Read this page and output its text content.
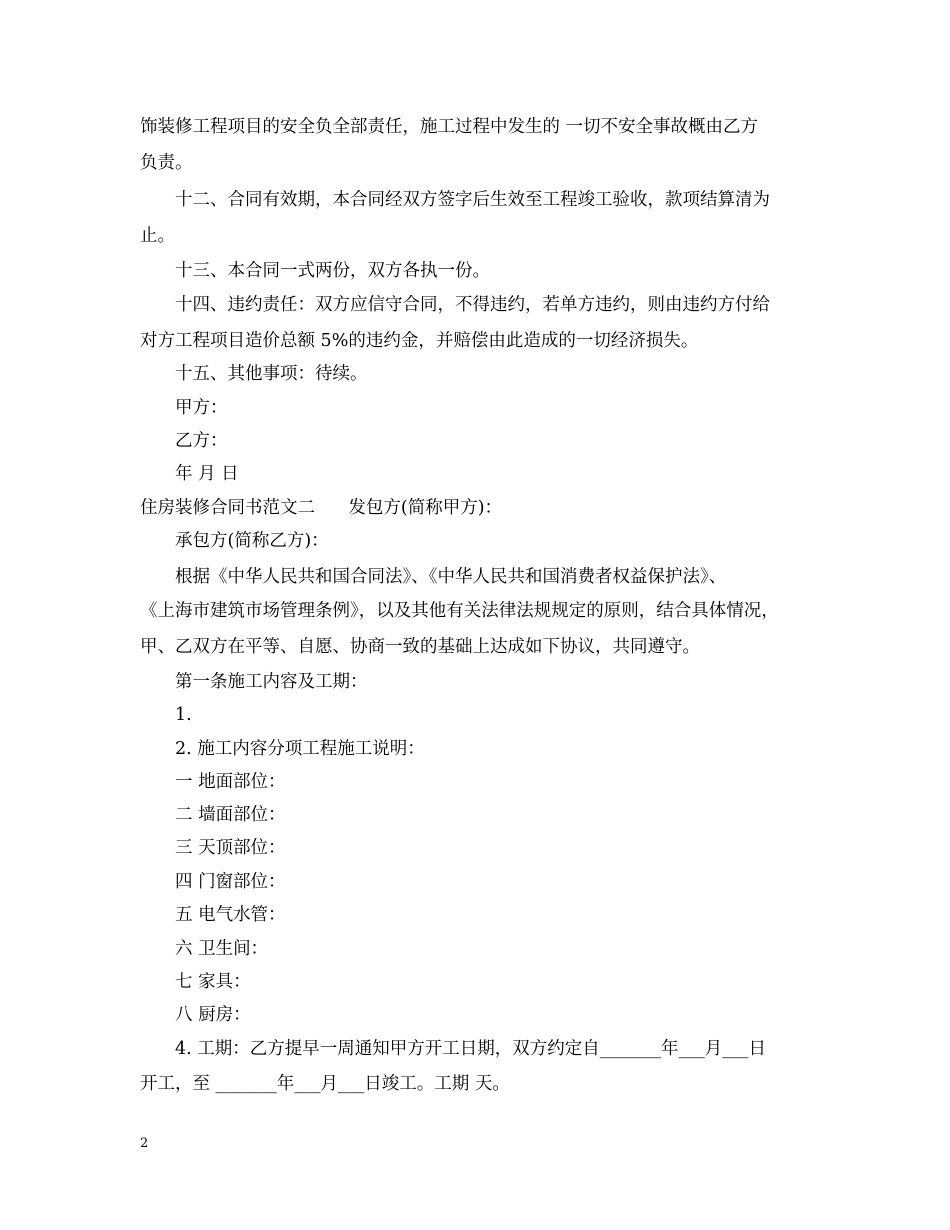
饰装修工程项目的安全负全部责任，施工过程中发生的 一切不安全事故概由乙方
负责。
十二、合同有效期，本合同经双方签字后生效至工程竣工验收，款项结算清为
止。
十三、本合同一式两份，双方各执一份。
十四、违约责任：双方应信守合同，不得违约，若单方违约，则由违约方付给
对方工程项目造价总额 5%的违约金，并赔偿由此造成的一切经济损失。
十五、其他事项：待续。
甲方：
乙方：
年 月 日
住房装修合同书范文二      发包方(简称甲方)：
承包方(简称乙方)：
根据《中华人民共和国合同法》、《中华人民共和国消费者权益保护法》、
《上海市建筑市场管理条例》，以及其他有关法律法规规定的原则，结合具体情况，
甲、乙双方在平等、自愿、协商一致的基础上达成如下协议，共同遵守。
第一条施工内容及工期：
1.
2. 施工内容分项工程施工说明：
一 地面部位：
二 墙面部位：
三 天顶部位：
四 门窗部位：
五 电气水管：
六 卫生间：
七 家具：
八 厨房：
4. 工期：乙方提早一周通知甲方开工日期，双方约定自_______年___月___日
开工，至 _______年___月___日竣工。工期 天。
2
